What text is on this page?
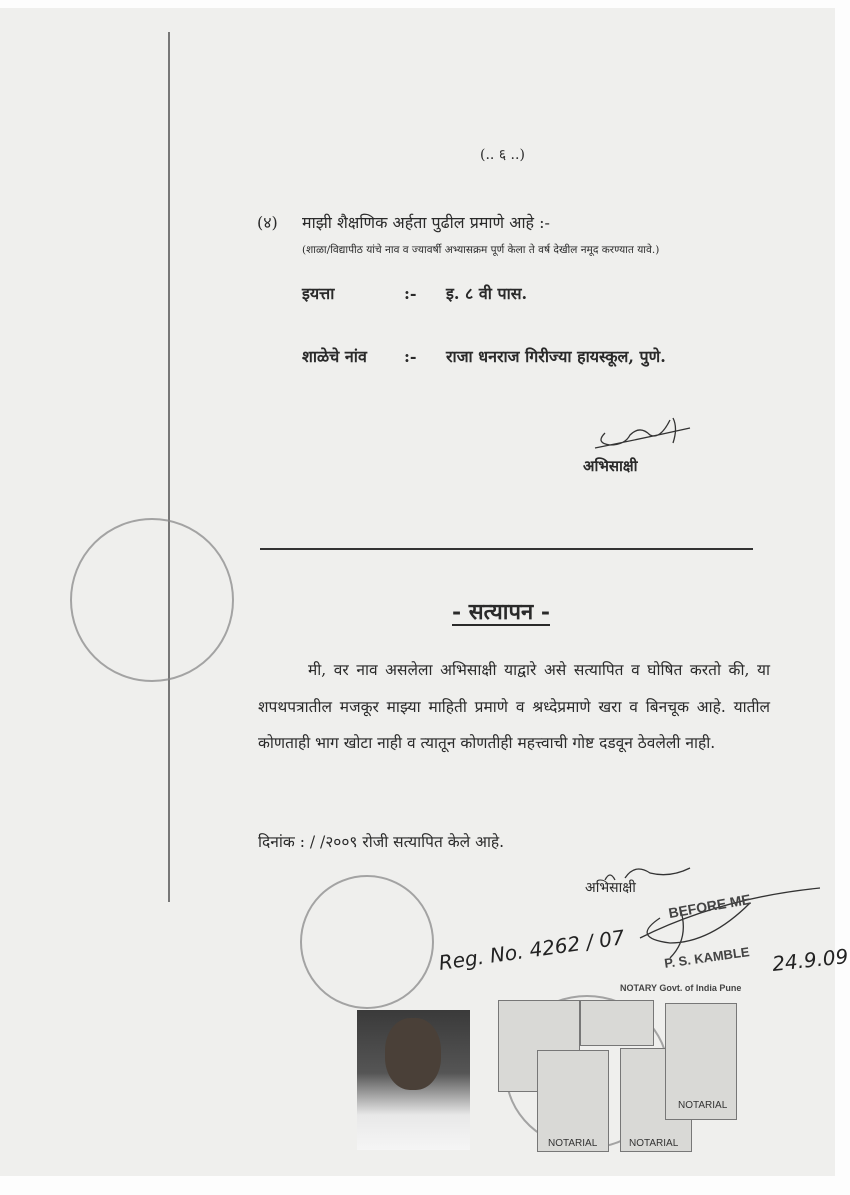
(.. ६ ..)
(४) माझी शैक्षणिक अर्हता पुढील प्रमाणे आहे :-
(शाळा/विद्यापीठ यांचे नाव व ज्यावर्षी अभ्यासक्रम पूर्ण केला ते वर्ष देखील नमूद करण्यात यावे.)
इयत्ता	:-	इ. ८ वी पास.
शाळेचे नांव	:-	राजा धनराज गिरीज्या हायस्कूल, पुणे.
अभिसाक्षी
- सत्यापन -
मी, वर नाव असलेला अभिसाक्षी याद्वारे असे सत्यापित व घोषित करतो की, या शपथपत्रातील मजकूर माझ्या माहिती प्रमाणे व श्रध्देप्रमाणे खरा व बिनचूक आहे. यातील कोणताही भाग खोटा नाही व त्यातून कोणतीही महत्त्वाची गोष्ट दडवून ठेवलेली नाही.
दिनांक : / /२००९ रोजी सत्यापित केले आहे.
अभिसाक्षी
BEFORE ME
Reg. No. 4262 / 07	P. S. KAMBLE
NOTARY Govt. of India Pune
24.9.09
NOTARIAL	NOTARIAL
NOTARIAL
